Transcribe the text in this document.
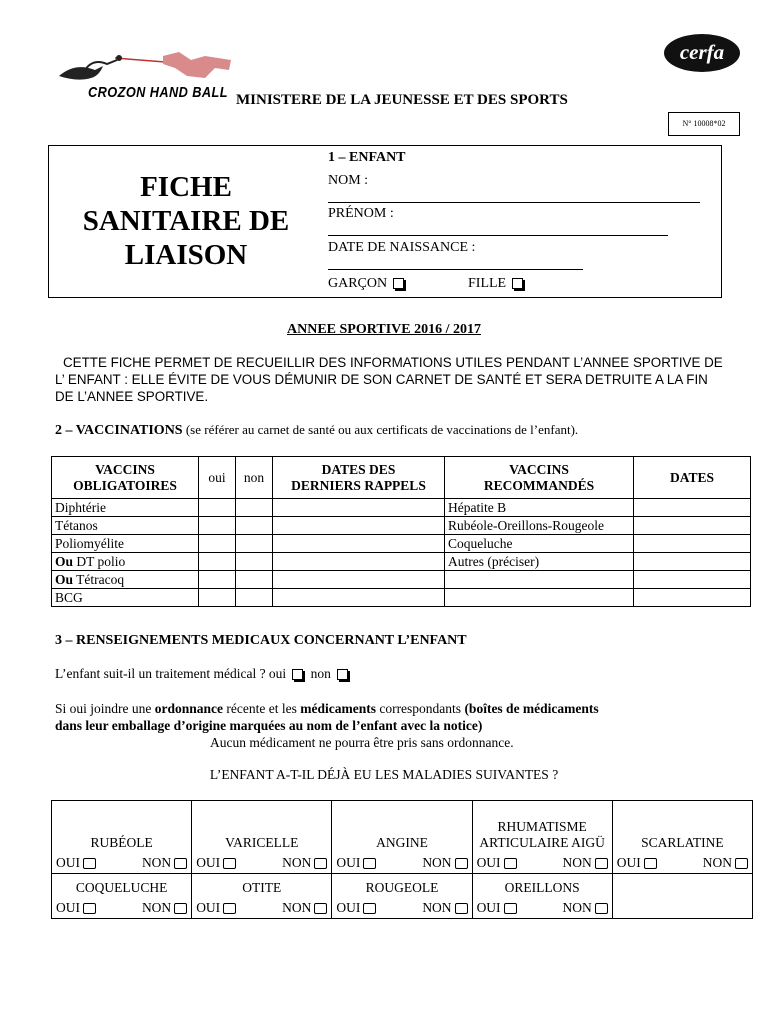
CROZON HAND BALL MINISTERE DE LA JEUNESSE ET DES SPORTS
cerfa
N° 10008*02
FICHE
SANITAIRE DE
LIAISON
1 – ENFANT
NOM :
PRÉNOM :
DATE DE NAISSANCE :
GARÇON	FILLE
ANNEE SPORTIVE 2016 / 2017
CETTE FICHE PERMET DE RECUEILLIR DES INFORMATIONS UTILES PENDANT L’ANNEE SPORTIVE DE L’ ENFANT : ELLE ÉVITE DE VOUS DÉMUNIR DE SON CARNET DE SANTÉ ET SERA DETRUITE A LA FIN DE L’ANNEE SPORTIVE.
2 – VACCINATIONS (se référer au carnet de santé ou aux certificats de vaccinations de l’enfant).
VACCINS
OBLIGATOIRES	oui	non	DATES DES
DERNIERS RAPPELS	VACCINS
RECOMMANDÉS	DATES
Diphtérie				Hépatite B	
Tétanos				Rubéole-Oreillons-Rougeole	
Poliomyélite				Coqueluche	
Ou DT polio				Autres (préciser)	
Ou Tétracoq					
BCG					
3 – RENSEIGNEMENTS MEDICAUX CONCERNANT L’ENFANT
L’enfant suit-il un traitement médical ? oui non
Si oui joindre une ordonnance récente et les médicaments correspondants (boîtes de médicaments
dans leur emballage d’origine marquées au nom de l’enfant avec la notice)
Aucun médicament ne pourra être pris sans ordonnance.
L’ENFANT A-T-IL DÉJÀ EU LES MALADIES SUIVANTES ?
RUBÉOLE
OUI NON	VARICELLE
OUI NON	ANGINE
OUI NON	RHUMATISME ARTICULAIRE AIGÜ
OUI NON	SCARLATINE
OUI NON

COQUELUCHE
OUI NON	OTITE
OUI NON	ROUGEOLE
OUI NON	OREILLONS
OUI NON	
